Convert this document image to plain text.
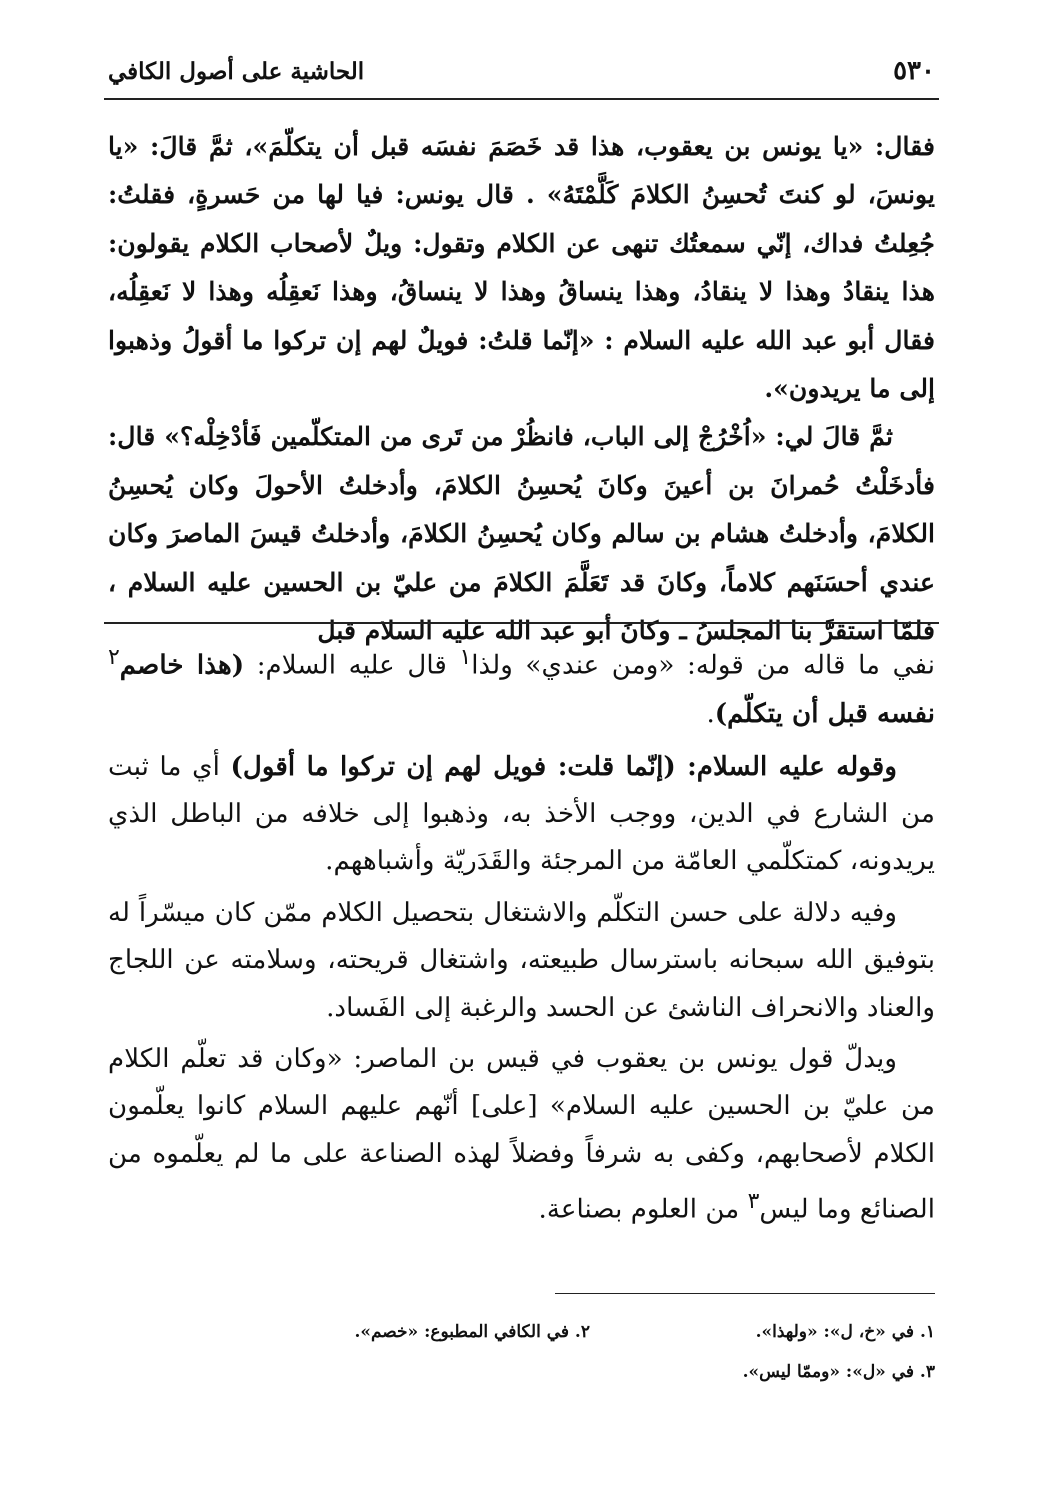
٥٣٠
الحاشية على أصول الكافي

فقال: «يا يونس بن يعقوب، هذا قد خَصَمَ نفسَه قبل أن يتكلّمَ»، ثمَّ قالَ: «يا يونسَ، لو كنتَ تُحسِنُ الكلامَ كَلَّمْتَهُ» . قال يونس: فيا لها من حَسرةٍ، فقلتُ: جُعِلتُ فداك، إنّي سمعتُك تنهى عن الكلام وتقول: ويلٌ لأصحاب الكلام يقولون: هذا ينقادُ وهذا لا ينقادُ، وهذا ينساقُ وهذا لا ينساقُ، وهذا نَعقِلُه وهذا لا نَعقِلُه، فقال أبو عبد الله عليه السلام : «إنّما قلتُ: فويلٌ لهم إن تركوا ما أقولُ وذهبوا إلى ما يريدون».

ثمَّ قالَ لي: «اُخْرُجْ إلى الباب، فانظُرْ من تَرى من المتكلّمين فَأدْخِلْه؟» قال: فأدخَلْتُ حُمرانَ بن أعينَ وكانَ يُحسِنُ الكلامَ، وأدخلتُ الأحولَ وكان يُحسِنُ الكلامَ، وأدخلتُ هشام بن سالم وكان يُحسِنُ الكلامَ، وأدخلتُ قيسَ الماصرَ وكان عندي أحسَنَهم كلاماً، وكانَ قد تَعَلَّمَ الكلامَ من عليّ بن الحسين عليه السلام ، فلمّا استقرَّ بنا المجلسُ ـ وكانَ أبو عبد الله عليه السلام قبل

نفي ما قاله من قوله: «ومن عندي» ولذا$^١$ قال عليه السلام: (هذا خاصم$^٢$ نفسه قبل أن يتكلّم).

وقوله عليه السلام: (إنّما قلت: فويل لهم إن تركوا ما أقول) أي ما ثبت من الشارع في الدين، ووجب الأخذ به، وذهبوا إلى خلافه من الباطل الذي يريدونه، كمتكلّمي العامّة من المرجئة والقَدَريّة وأشباههم.

وفيه دلالة على حسن التكلّم والاشتغال بتحصيل الكلام ممّن كان ميسّراً له بتوفيق الله سبحانه باسترسال طبيعته، واشتغال قريحته، وسلامته عن اللجاج والعناد والانحراف الناشئ عن الحسد والرغبة إلى الفَساد.

ويدلّ قول يونس بن يعقوب في قيس بن الماصر: «وكان قد تعلّم الكلام من عليّ بن الحسين عليه السلام» [على] أنّهم عليهم السلام كانوا يعلّمون الكلام لأصحابهم، وكفى به شرفاً وفضلاً لهذه الصناعة على ما لم يعلّموه من الصنائع وما ليس$^٣$ من العلوم بصناعة.

١. في «خ، ل»: «ولهذا».
٢. في الكافي المطبوع: «خصم».
٣. في «ل»: «وممّا ليس».
